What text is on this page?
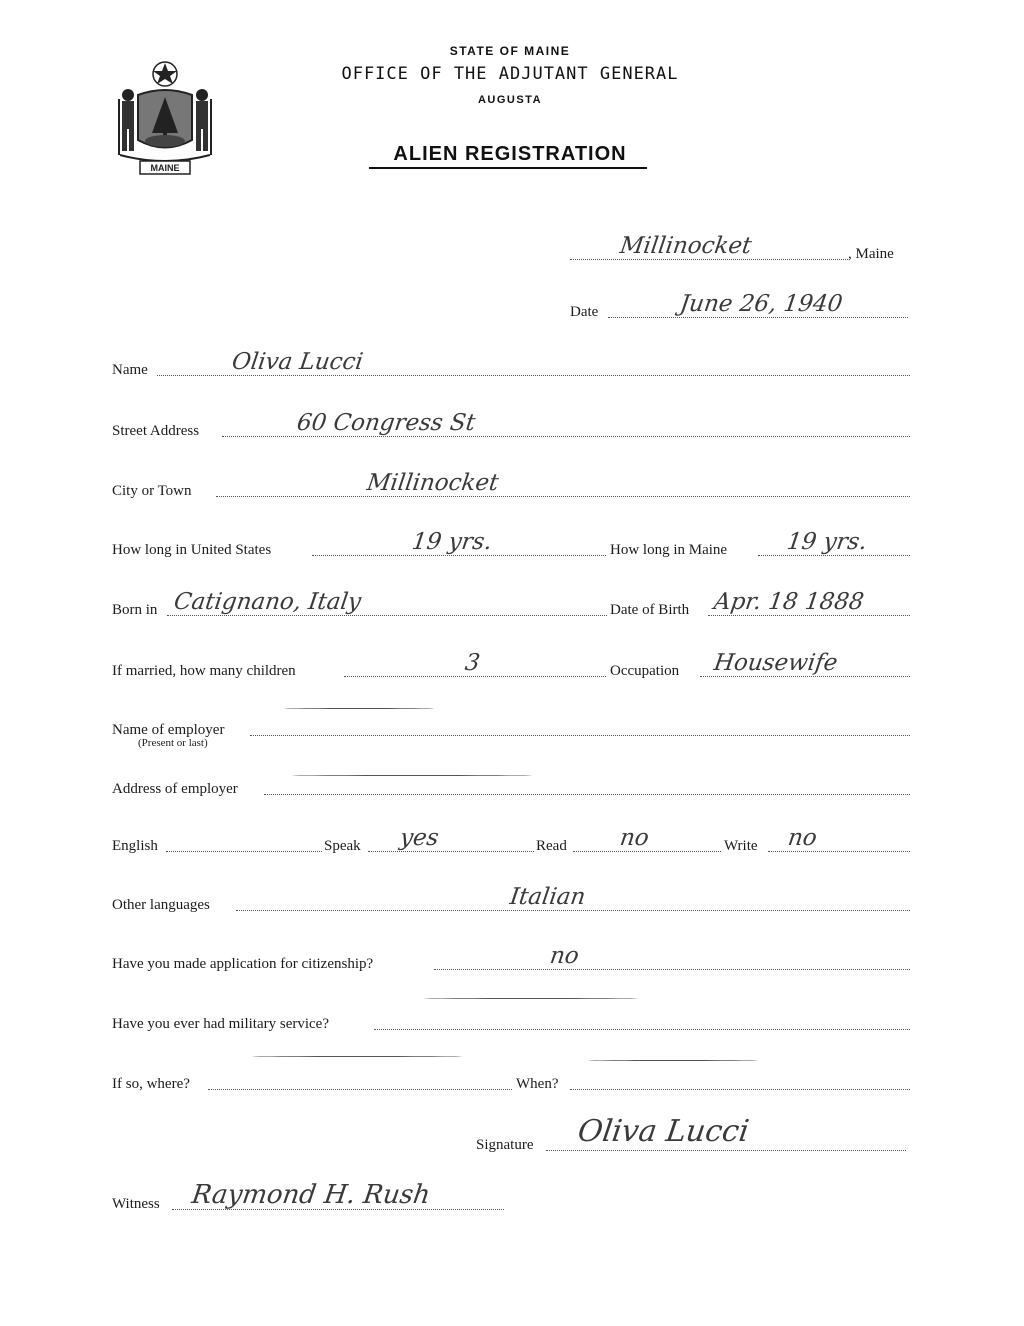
MAINE
STATE OF MAINE
OFFICE OF THE ADJUTANT GENERAL
AUGUSTA
ALIEN REGISTRATION
Millinocket	, Maine
Date	June 26, 1940
Name	Oliva Lucci
Street Address	60 Congress St
City or Town	Millinocket
How long in United States	19 yrs.	How long in Maine	19 yrs.
Born in Catignano, Italy	Date of Birth Apr. 18 1888
If married, how many children	3	Occupation Housewife
Name of employer
(Present or last)
Address of employer
English	Speak yes	Read no	Write no
Other languages	Italian
Have you made application for citizenship?	no
Have you ever had military service?
If so, where?	When?
Signature Oliva Lucci
Witness Raymond H. Rush
